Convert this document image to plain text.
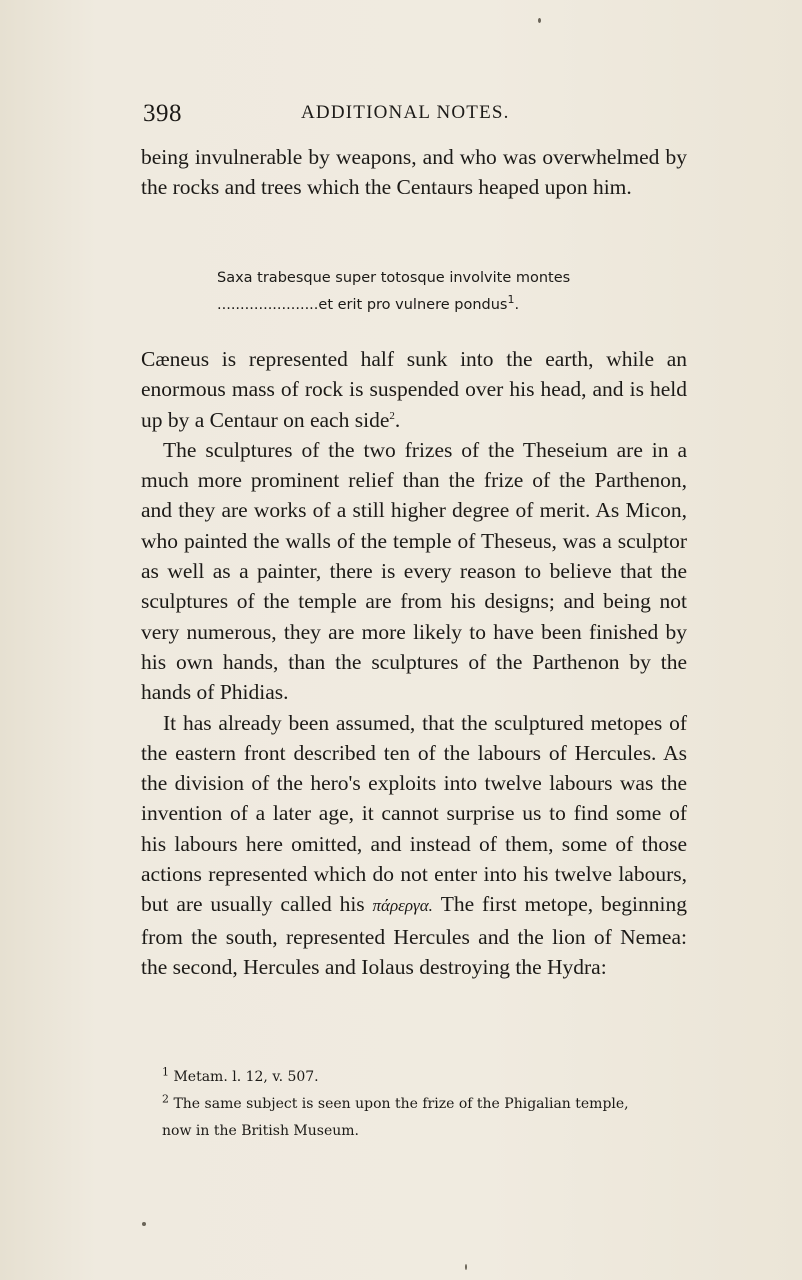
398	ADDITIONAL NOTES.

being invulnerable by weapons, and who was overwhelmed by the rocks and trees which the Centaurs heaped upon him.

Saxa trabesque super totosque involvite montes
......................et erit pro vulnere pondus$^1$.

Cæneus is represented half sunk into the earth, while an enormous mass of rock is suspended over his head, and is held up by a Centaur on each side$^2$.

The sculptures of the two frizes of the Theseium are in a much more prominent relief than the frize of the Parthenon, and they are works of a still higher degree of merit. As Micon, who painted the walls of the temple of Theseus, was a sculptor as well as a painter, there is every reason to believe that the sculptures of the temple are from his designs; and being not very numerous, they are more likely to have been finished by his own hands, than the sculptures of the Parthenon by the hands of Phidias.

It has already been assumed, that the sculptured metopes of the eastern front described ten of the labours of Hercules. As the division of the hero's exploits into twelve labours was the invention of a later age, it cannot surprise us to find some of his labours here omitted, and instead of them, some of those actions represented which do not enter into his twelve labours, but are usually called his πάρεργα. The first metope, beginning from the south, represented Hercules and the lion of Nemea: the second, Hercules and Iolaus destroying the Hydra:

$^1$ Metam. l. 12, v. 507.
$^2$ The same subject is seen upon the frize of the Phigalian temple,
now in the British Museum.
